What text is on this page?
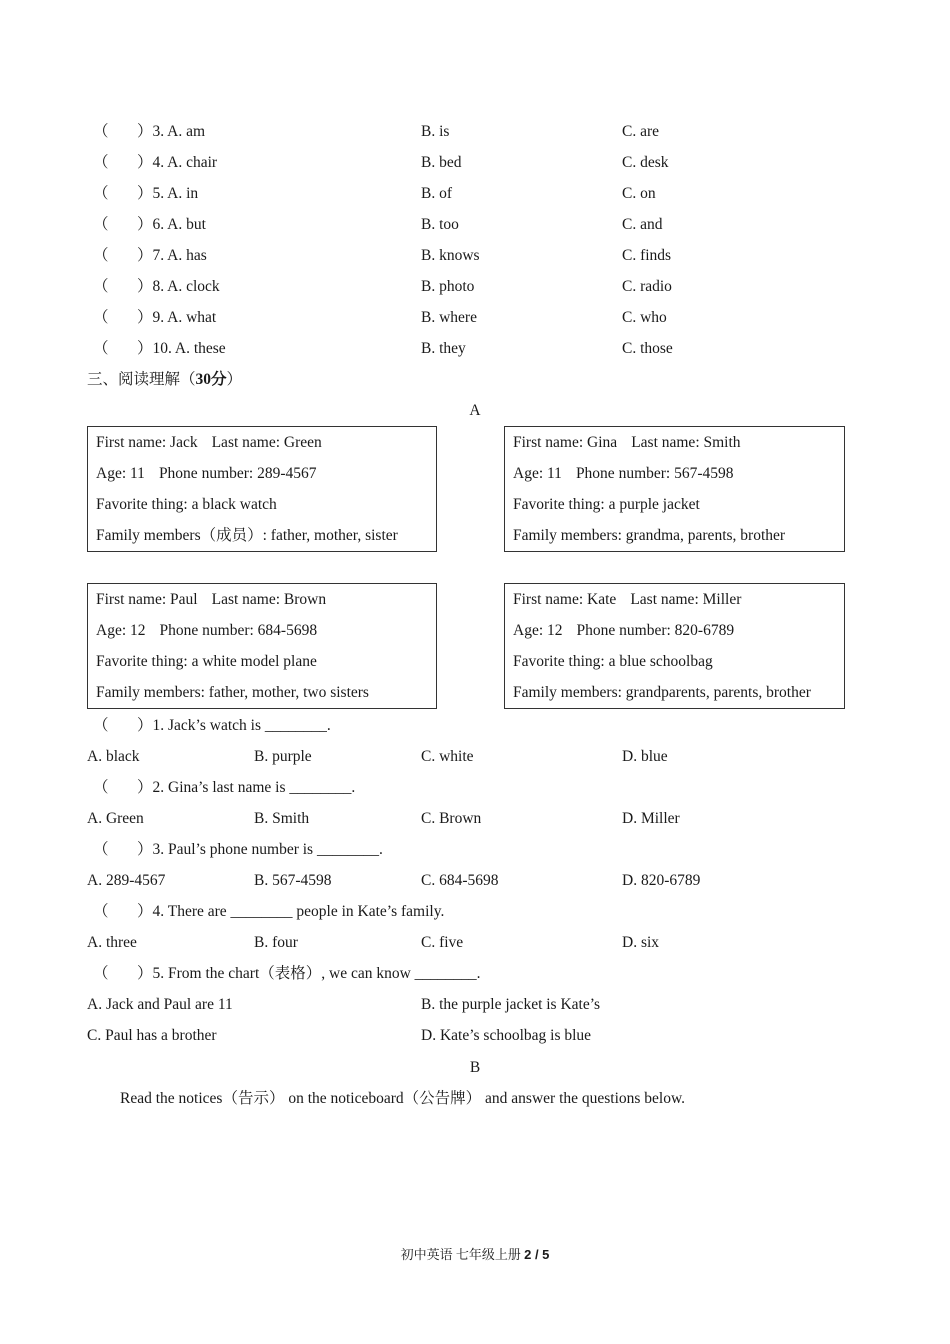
（ ）3. A. am	B. is	C. are
（ ）4. A. chair	B. bed	C. desk
（ ）5. A. in	B. of	C. on
（ ）6. A. but	B. too	C. and
（ ）7. A. has	B. knows	C. finds
（ ）8. A. clock	B. photo	C. radio
（ ）9. A. what	B. where	C. who
（ ）10. A. these	B. they	C. those
三、阅读理解（30分）
A
First name: Jack Last name: Green
Age: 11 Phone number: 289-4567
Favorite thing: a black watch
Family members（成员）: father, mother, sister
First name: Gina Last name: Smith
Age: 11 Phone number: 567-4598
Favorite thing: a purple jacket
Family members: grandma, parents, brother
First name: Paul Last name: Brown
Age: 12 Phone number: 684-5698
Favorite thing: a white model plane
Family members: father, mother, two sisters
First name: Kate Last name: Miller
Age: 12 Phone number: 820-6789
Favorite thing: a blue schoolbag
Family members: grandparents, parents, brother
（ ）1. Jack’s watch is ________.
A. black	B. purple	C. white	D. blue
（ ）2. Gina’s last name is ________.
A. Green	B. Smith	C. Brown	D. Miller
（ ）3. Paul’s phone number is ________.
A. 289-4567	B. 567-4598	C. 684-5698	D. 820-6789
（ ）4. There are ________ people in Kate’s family.
A. three	B. four	C. five	D. six
（ ）5. From the chart（表格）, we can know ________.
A. Jack and Paul are 11	B. the purple jacket is Kate’s
C. Paul has a brother	D. Kate’s schoolbag is blue
B
Read the notices（告示） on the noticeboard（公告牌） and answer the questions below.
初中英语 七年级上册 2 / 5
